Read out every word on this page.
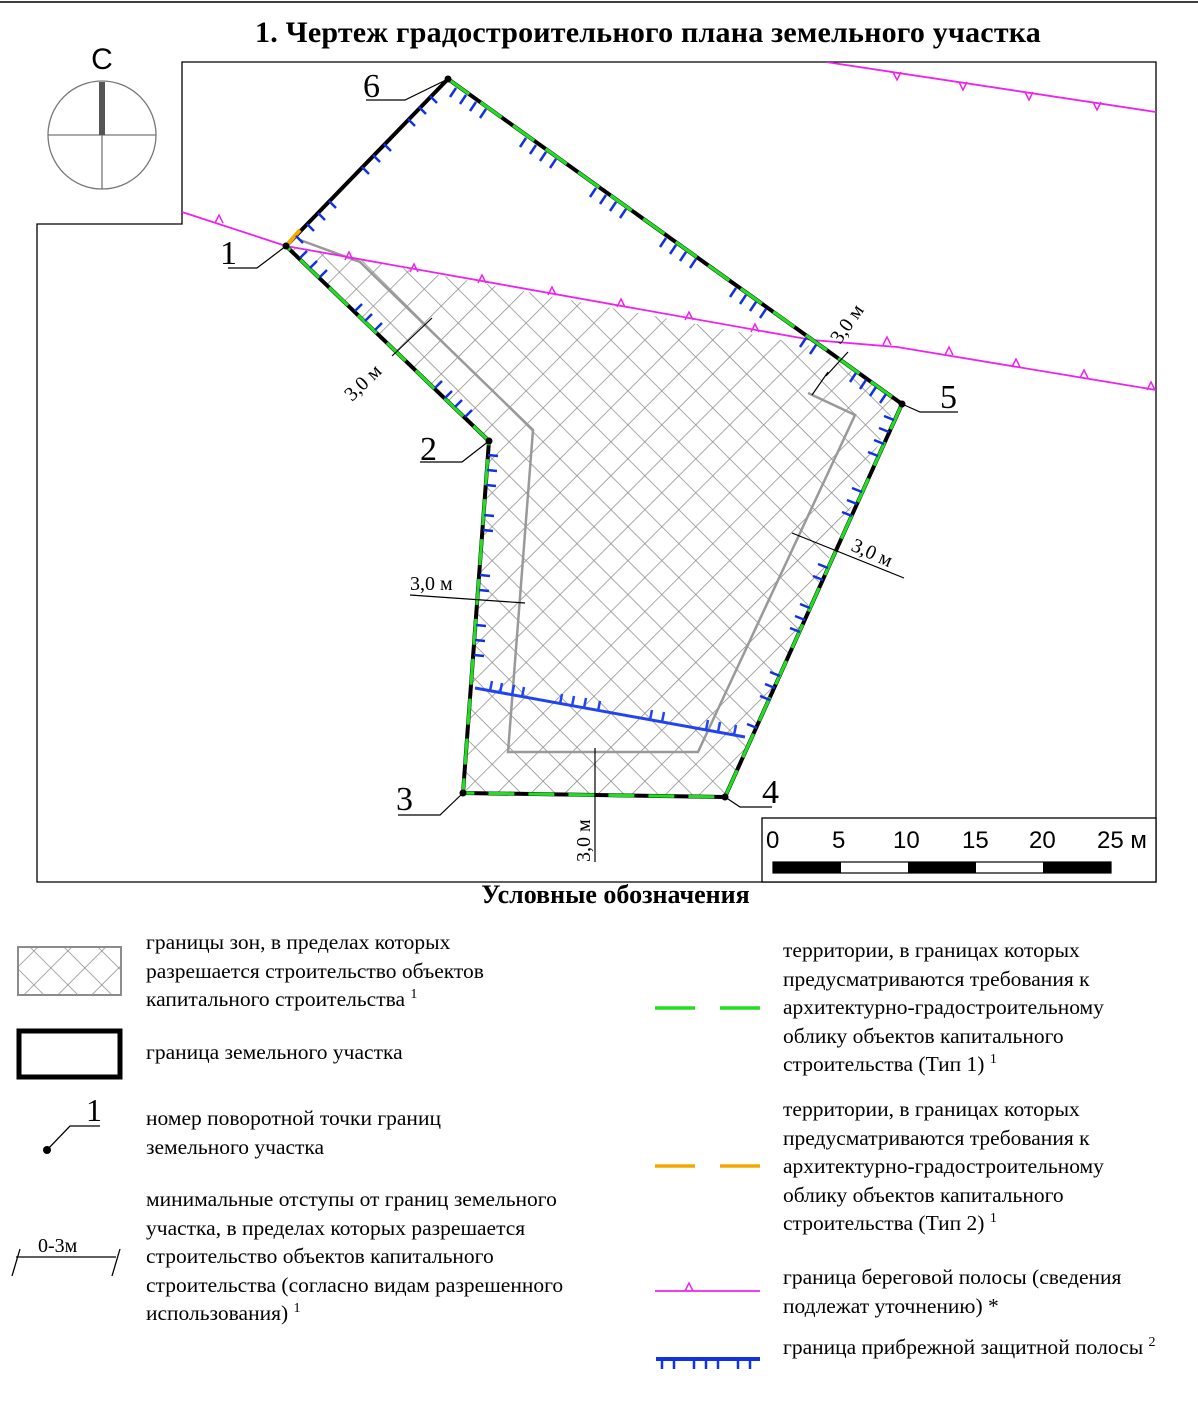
1
2
3	4
5
6
3,0 м
3,0 м
3,0 м
3,0 м
3,0 м
С
0 5 10 15 20 25 м
1
0-3м
1. Чертеж градостроительного плана земельного участка
Условные обозначения
границы зон, в пределах которых разрешается строительство объектов капитального строительства $^1$
граница земельного участка
номер поворотной точки границ земельного участка
минимальные отступы от границ земельного участка, в пределах которых разрешается строительство объектов капитального строительства (согласно видам разрешенного использования) $^1$
территории, в границах которых предусматриваются требования к архитектурно-градостроительному облику объектов капитального строительства (Тип 1) $^1$
территории, в границах которых предусматриваются требования к архитектурно-градостроительному облику объектов капитального строительства (Тип 2) $^1$
граница береговой полосы (сведения подлежат уточнению) *
граница прибрежной защитной полосы $^2$
